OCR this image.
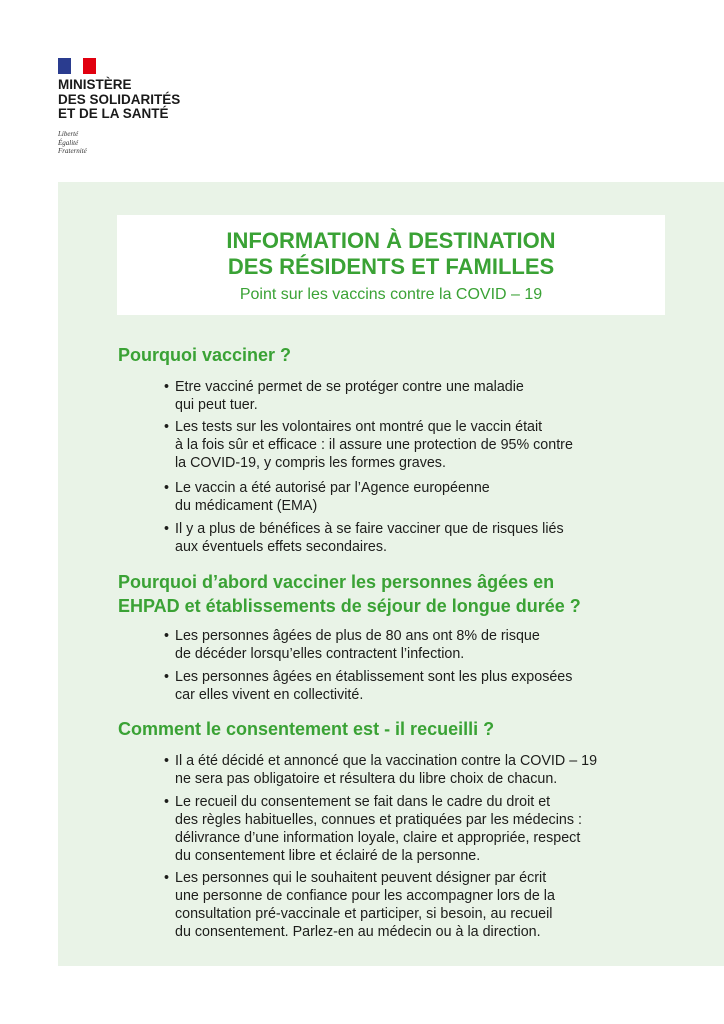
MINISTÈRE
DES SOLIDARITÉS
ET DE LA SANTÉ
Liberté
Égalité
Fraternité
INFORMATION À DESTINATION
DES RÉSIDENTS ET FAMILLES
Point sur les vaccins contre la COVID – 19
Pourquoi vacciner ?
• Etre vacciné permet de se protéger contre une maladie
qui peut tuer.
• Les tests sur les volontaires ont montré que le vaccin était
à la fois sûr et efficace : il assure une protection de 95% contre
la COVID-19, y compris les formes graves.
• Le vaccin a été autorisé par l’Agence européenne
du médicament (EMA)
• Il y a plus de bénéfices à se faire vacciner que de risques liés
aux éventuels effets secondaires.
Pourquoi d’abord vacciner les personnes âgées en
EHPAD et établissements de séjour de longue durée ?
• Les personnes âgées de plus de 80 ans ont 8% de risque
de décéder lorsqu’elles contractent l’infection.
• Les personnes âgées en établissement sont les plus exposées
car elles vivent en collectivité.
Comment le consentement est - il recueilli ?
• Il a été décidé et annoncé que la vaccination contre la COVID – 19
ne sera pas obligatoire et résultera du libre choix de chacun.
• Le recueil du consentement se fait dans le cadre du droit et
des règles habituelles, connues et pratiquées par les médecins :
délivrance d’une information loyale, claire et appropriée, respect
du consentement libre et éclairé de la personne.
• Les personnes qui le souhaitent peuvent désigner par écrit
une personne de confiance pour les accompagner lors de la
consultation pré-vaccinale et participer, si besoin, au recueil
du consentement. Parlez-en au médecin ou à la direction.
